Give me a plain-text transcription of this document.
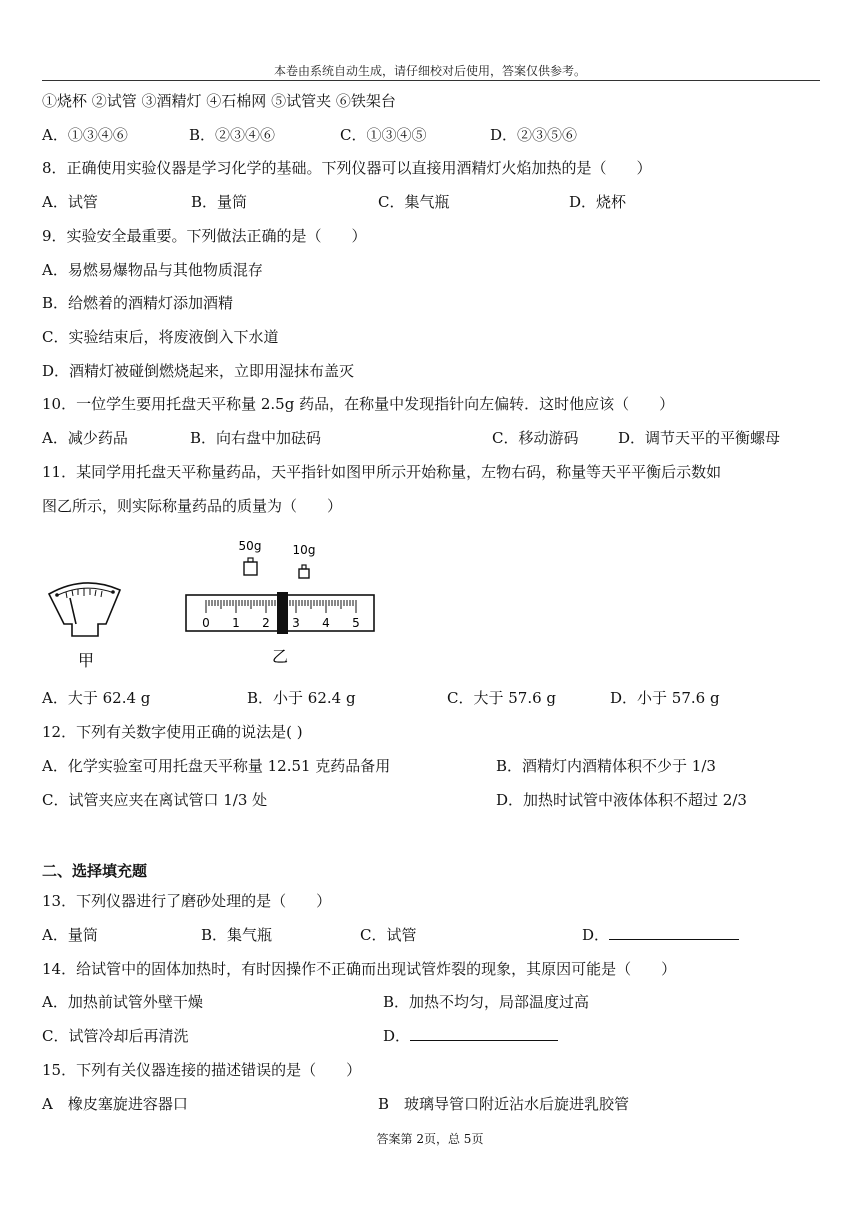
本卷由系统自动生成，请仔细校对后使用，答案仅供参考。
①烧杯 ②试管 ③酒精灯 ④石棉网 ⑤试管夹 ⑥铁架台
A．①③④⑥	B．②③④⑥	C．①③④⑤	D．②③⑤⑥
8．正确使用实验仪器是学习化学的基础。下列仪器可以直接用酒精灯火焰加热的是（　　）
A．试管	B．量筒	C．集气瓶	D．烧杯
9．实验安全最重要。下列做法正确的是（　　）
A．易燃易爆物品与其他物质混存
B．给燃着的酒精灯添加酒精
C．实验结束后，将废液倒入下水道
D．酒精灯被碰倒燃烧起来，立即用湿抹布盖灭
10．一位学生要用托盘天平称量 2.5g 药品，在称量中发现指针向左偏转．这时他应该（　　）
A．减少药品	B．向右盘中加砝码	C．移动游码	D．调节天平的平衡螺母
11．某同学用托盘天平称量药品，天平指针如图甲所示开始称量，左物右码，称量等天平平衡后示数如
图乙所示，则实际称量药品的质量为（　　）
甲
50g	10g
0 1 2 3 4 5
乙
A．大于 62.4 g	B．小于 62.4 g	C．大于 57.6 g	D．小于 57.6 g
12．下列有关数字使用正确的说法是( )
A．化学实验室可用托盘天平称量 12.51 克药品备用	B．酒精灯内酒精体积不少于 1/3
C．试管夹应夹在离试管口 1/3 处	D．加热时试管中液体体积不超过 2/3
二、选择填充题
13．下列仪器进行了磨砂处理的是（　　）
A．量筒	B．集气瓶	C．试管	D．
14．给试管中的固体加热时，有时因操作不正确而出现试管炸裂的现象，其原因可能是（　　）
A．加热前试管外壁干燥	B．加热不均匀，局部温度过高
C．试管冷却后再清洗	D．
15．下列有关仪器连接的描述错误的是（　　）
A　橡皮塞旋进容器口	B　玻璃导管口附近沾水后旋进乳胶管
答案第 2页，总 5页
